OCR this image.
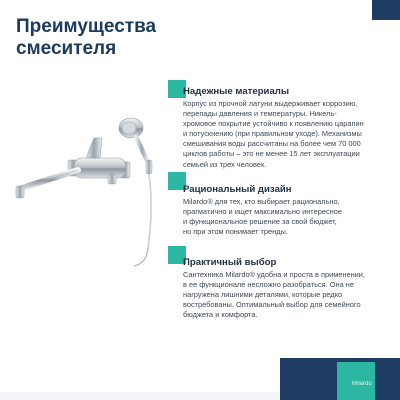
Преимущества
смесителя
Надежные материалы

Корпус из прочной латуни выдерживает коррозию,
перепады давления и температуры. Никель-
хромовое покрытие устойчиво к появлению царапин
и потускнению (при правильном уходе). Механизмы
смешивания воды рассчитаны на более чем 70 000
циклов работы – это не менее 15 лет эксплуатации
семьей из трех человек.

Рациональный дизайн

Milardo® для тех, кто выбирает рационально,
прагматично и ищет максимально интересное
и функциональное решение за свой бюджет,
но при этом понимает тренды.

Практичный выбор

Сантехника Milardo® удобна и проста в применении,
в ее функционале несложно разобраться. Она не
нагружена лишними деталями, которые редко
востребованы. Оптимальный выбор для семейного
бюджета и комфорта.

Milardo
